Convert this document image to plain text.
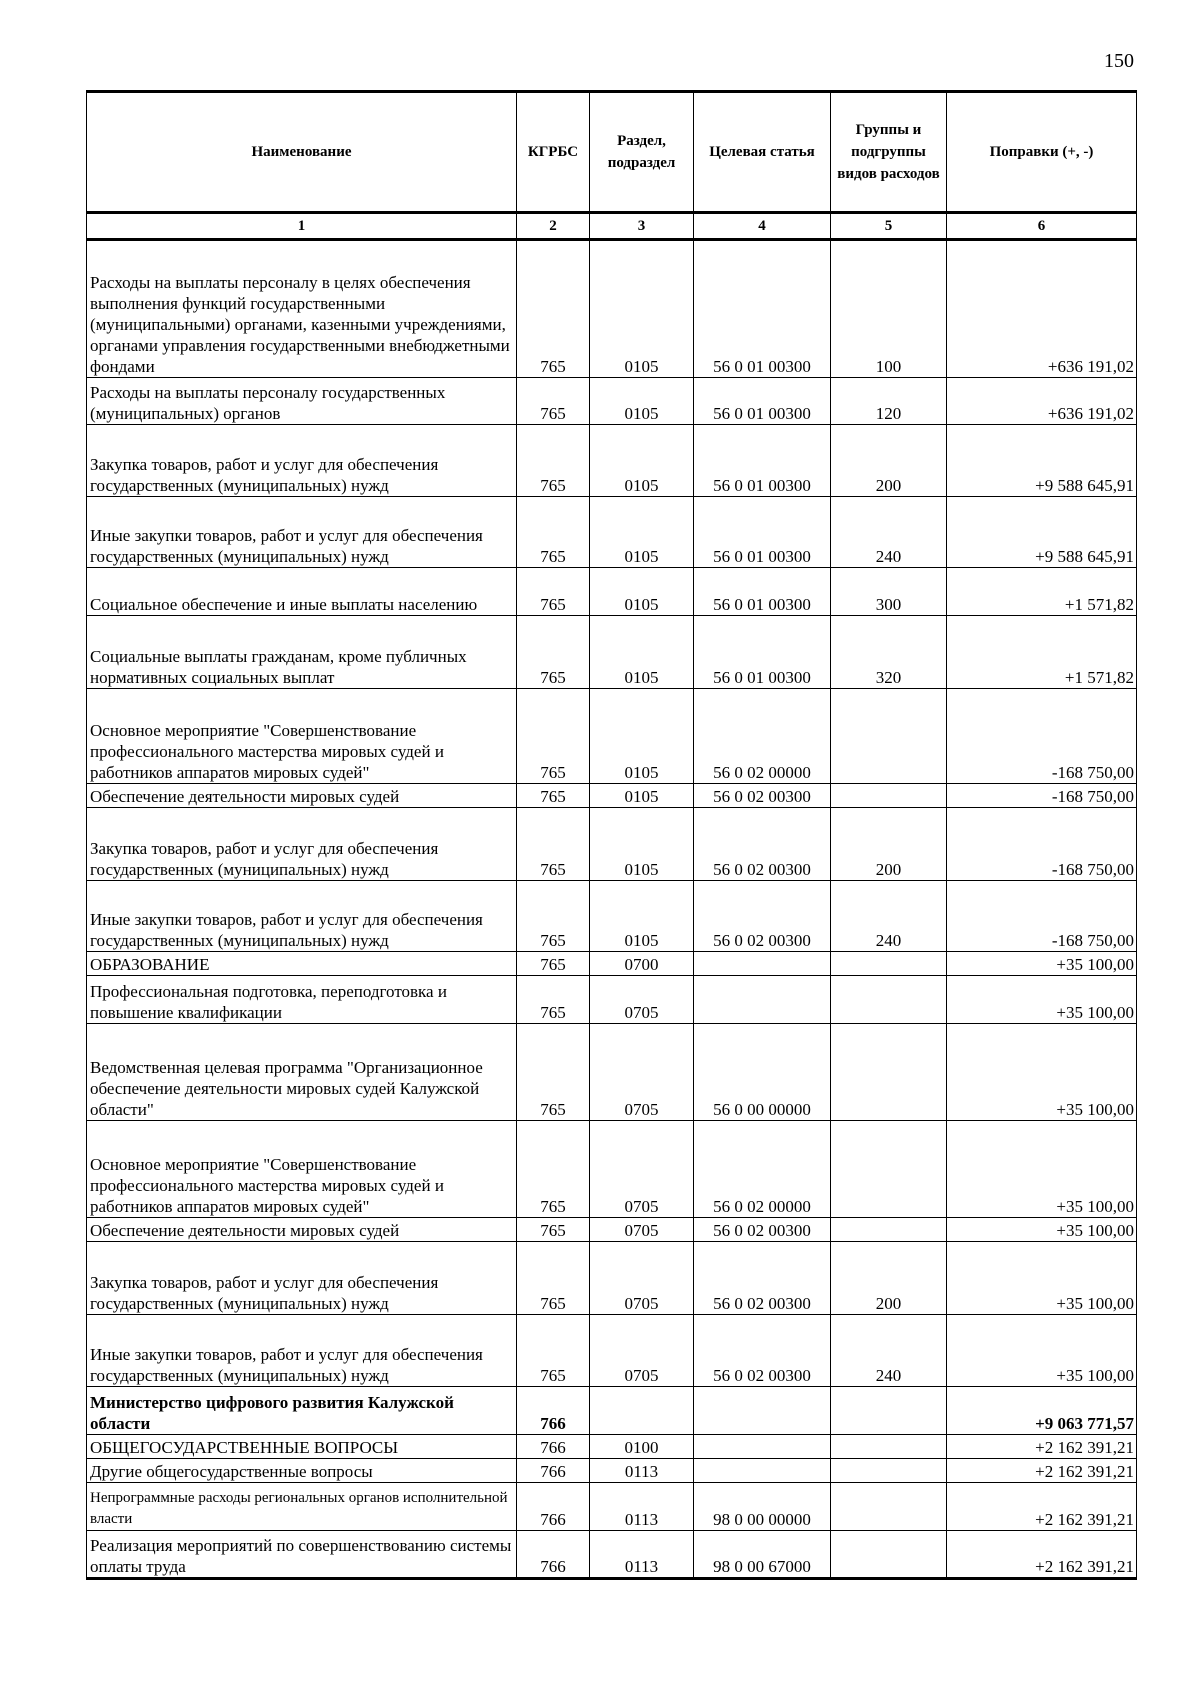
150
Наименование	КГРБС	Раздел, подраздел	Целевая статья	Группы и подгруппы видов расходов	Поправки (+, -)
1	2	3	4	5	6
Расходы на выплаты персоналу в целях обеспечения выполнения функций государственными (муниципальными) органами, казенными учреждениями, органами управления государственными внебюджетными фондами	765	0105	56 0 01 00300	100	+636 191,02
Расходы на выплаты персоналу государственных (муниципальных) органов	765	0105	56 0 01 00300	120	+636 191,02
Закупка товаров, работ и услуг для обеспечения государственных (муниципальных) нужд	765	0105	56 0 01 00300	200	+9 588 645,91
Иные закупки товаров, работ и услуг для обеспечения государственных (муниципальных) нужд	765	0105	56 0 01 00300	240	+9 588 645,91
Социальное обеспечение и иные выплаты населению	765	0105	56 0 01 00300	300	+1 571,82
Социальные выплаты гражданам, кроме публичных нормативных социальных выплат	765	0105	56 0 01 00300	320	+1 571,82
Основное мероприятие "Совершенствование профессионального мастерства мировых судей и работников аппаратов мировых судей"	765	0105	56 0 02 00000		-168 750,00
Обеспечение деятельности мировых судей	765	0105	56 0 02 00300		-168 750,00
Закупка товаров, работ и услуг для обеспечения государственных (муниципальных) нужд	765	0105	56 0 02 00300	200	-168 750,00
Иные закупки товаров, работ и услуг для обеспечения государственных (муниципальных) нужд	765	0105	56 0 02 00300	240	-168 750,00
ОБРАЗОВАНИЕ	765	0700			+35 100,00
Профессиональная подготовка, переподготовка и повышение квалификации	765	0705			+35 100,00
Ведомственная целевая программа "Организационное обеспечение деятельности мировых судей Калужской области"	765	0705	56 0 00 00000		+35 100,00
Основное мероприятие "Совершенствование профессионального мастерства мировых судей и работников аппаратов мировых судей"	765	0705	56 0 02 00000		+35 100,00
Обеспечение деятельности мировых судей	765	0705	56 0 02 00300		+35 100,00
Закупка товаров, работ и услуг для обеспечения государственных (муниципальных) нужд	765	0705	56 0 02 00300	200	+35 100,00
Иные закупки товаров, работ и услуг для обеспечения государственных (муниципальных) нужд	765	0705	56 0 02 00300	240	+35 100,00
Министерство цифрового развития Калужской области	766				+9 063 771,57
ОБЩЕГОСУДАРСТВЕННЫЕ ВОПРОСЫ	766	0100			+2 162 391,21
Другие общегосударственные вопросы	766	0113			+2 162 391,21
Непрограммные расходы региональных органов исполнительной власти	766	0113	98 0 00 00000		+2 162 391,21
Реализация мероприятий по совершенствованию системы оплаты труда	766	0113	98 0 00 67000		+2 162 391,21
